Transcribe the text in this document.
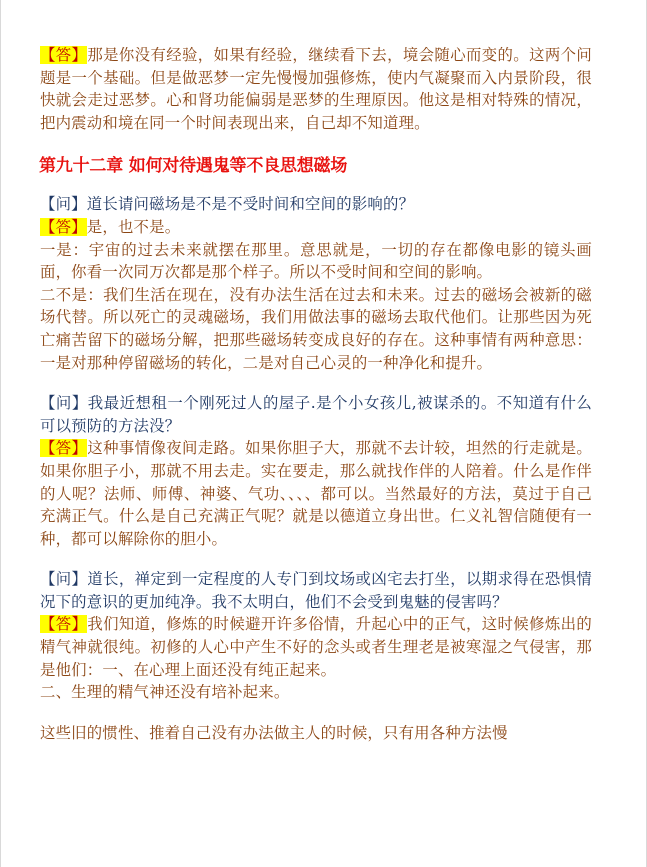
【答】那是你没有经验，如果有经验，继续看下去，境会随心而变的。这两个问题是一个基础。但是做恶梦一定先慢慢加强修炼，使内气凝聚而入内景阶段，很快就会走过恶梦。心和肾功能偏弱是恶梦的生理原因。他这是相对特殊的情况，把内震动和境在同一个时间表现出来，自己却不知道理。

第九十二章 如何对待遇鬼等不良思想磁场

【问】道长请问磁场是不是不受时间和空间的影响的？

【答】是，也不是。

一是：宇宙的过去未来就摆在那里。意思就是，一切的存在都像电影的镜头画面，你看一次同万次都是那个样子。所以不受时间和空间的影响。

二不是：我们生活在现在，没有办法生活在过去和未来。过去的磁场会被新的磁场代替。所以死亡的灵魂磁场，我们用做法事的磁场去取代他们。让那些因为死亡痛苦留下的磁场分解，把那些磁场转变成良好的存在。这种事情有两种意思：一是对那种停留磁场的转化，二是对自己心灵的一种净化和提升。

【问】我最近想租一个刚死过人的屋子.是个小女孩儿,被谋杀的。不知道有什么可以预防的方法没？

【答】这种事情像夜间走路。如果你胆子大，那就不去计较，坦然的行走就是。如果你胆子小，那就不用去走。实在要走，那么就找作伴的人陪着。什么是作伴的人呢？法师、师傅、神婆、气功、、、、都可以。当然最好的方法，莫过于自己充满正气。什么是自己充满正气呢？就是以德道立身出世。仁义礼智信随便有一种，都可以解除你的胆小。

【问】道长，禅定到一定程度的人专门到坟场或凶宅去打坐，以期求得在恐惧情况下的意识的更加纯净。我不太明白，他们不会受到鬼魅的侵害吗？

【答】我们知道，修炼的时候避开许多俗情，升起心中的正气，这时候修炼出的精气神就很纯。初修的人心中产生不好的念头或者生理老是被寒湿之气侵害，那是他们：一、在心理上面还没有纯正起来。

二、生理的精气神还没有培补起来。

这些旧的惯性、推着自己没有办法做主人的时候，只有用各种方法慢
